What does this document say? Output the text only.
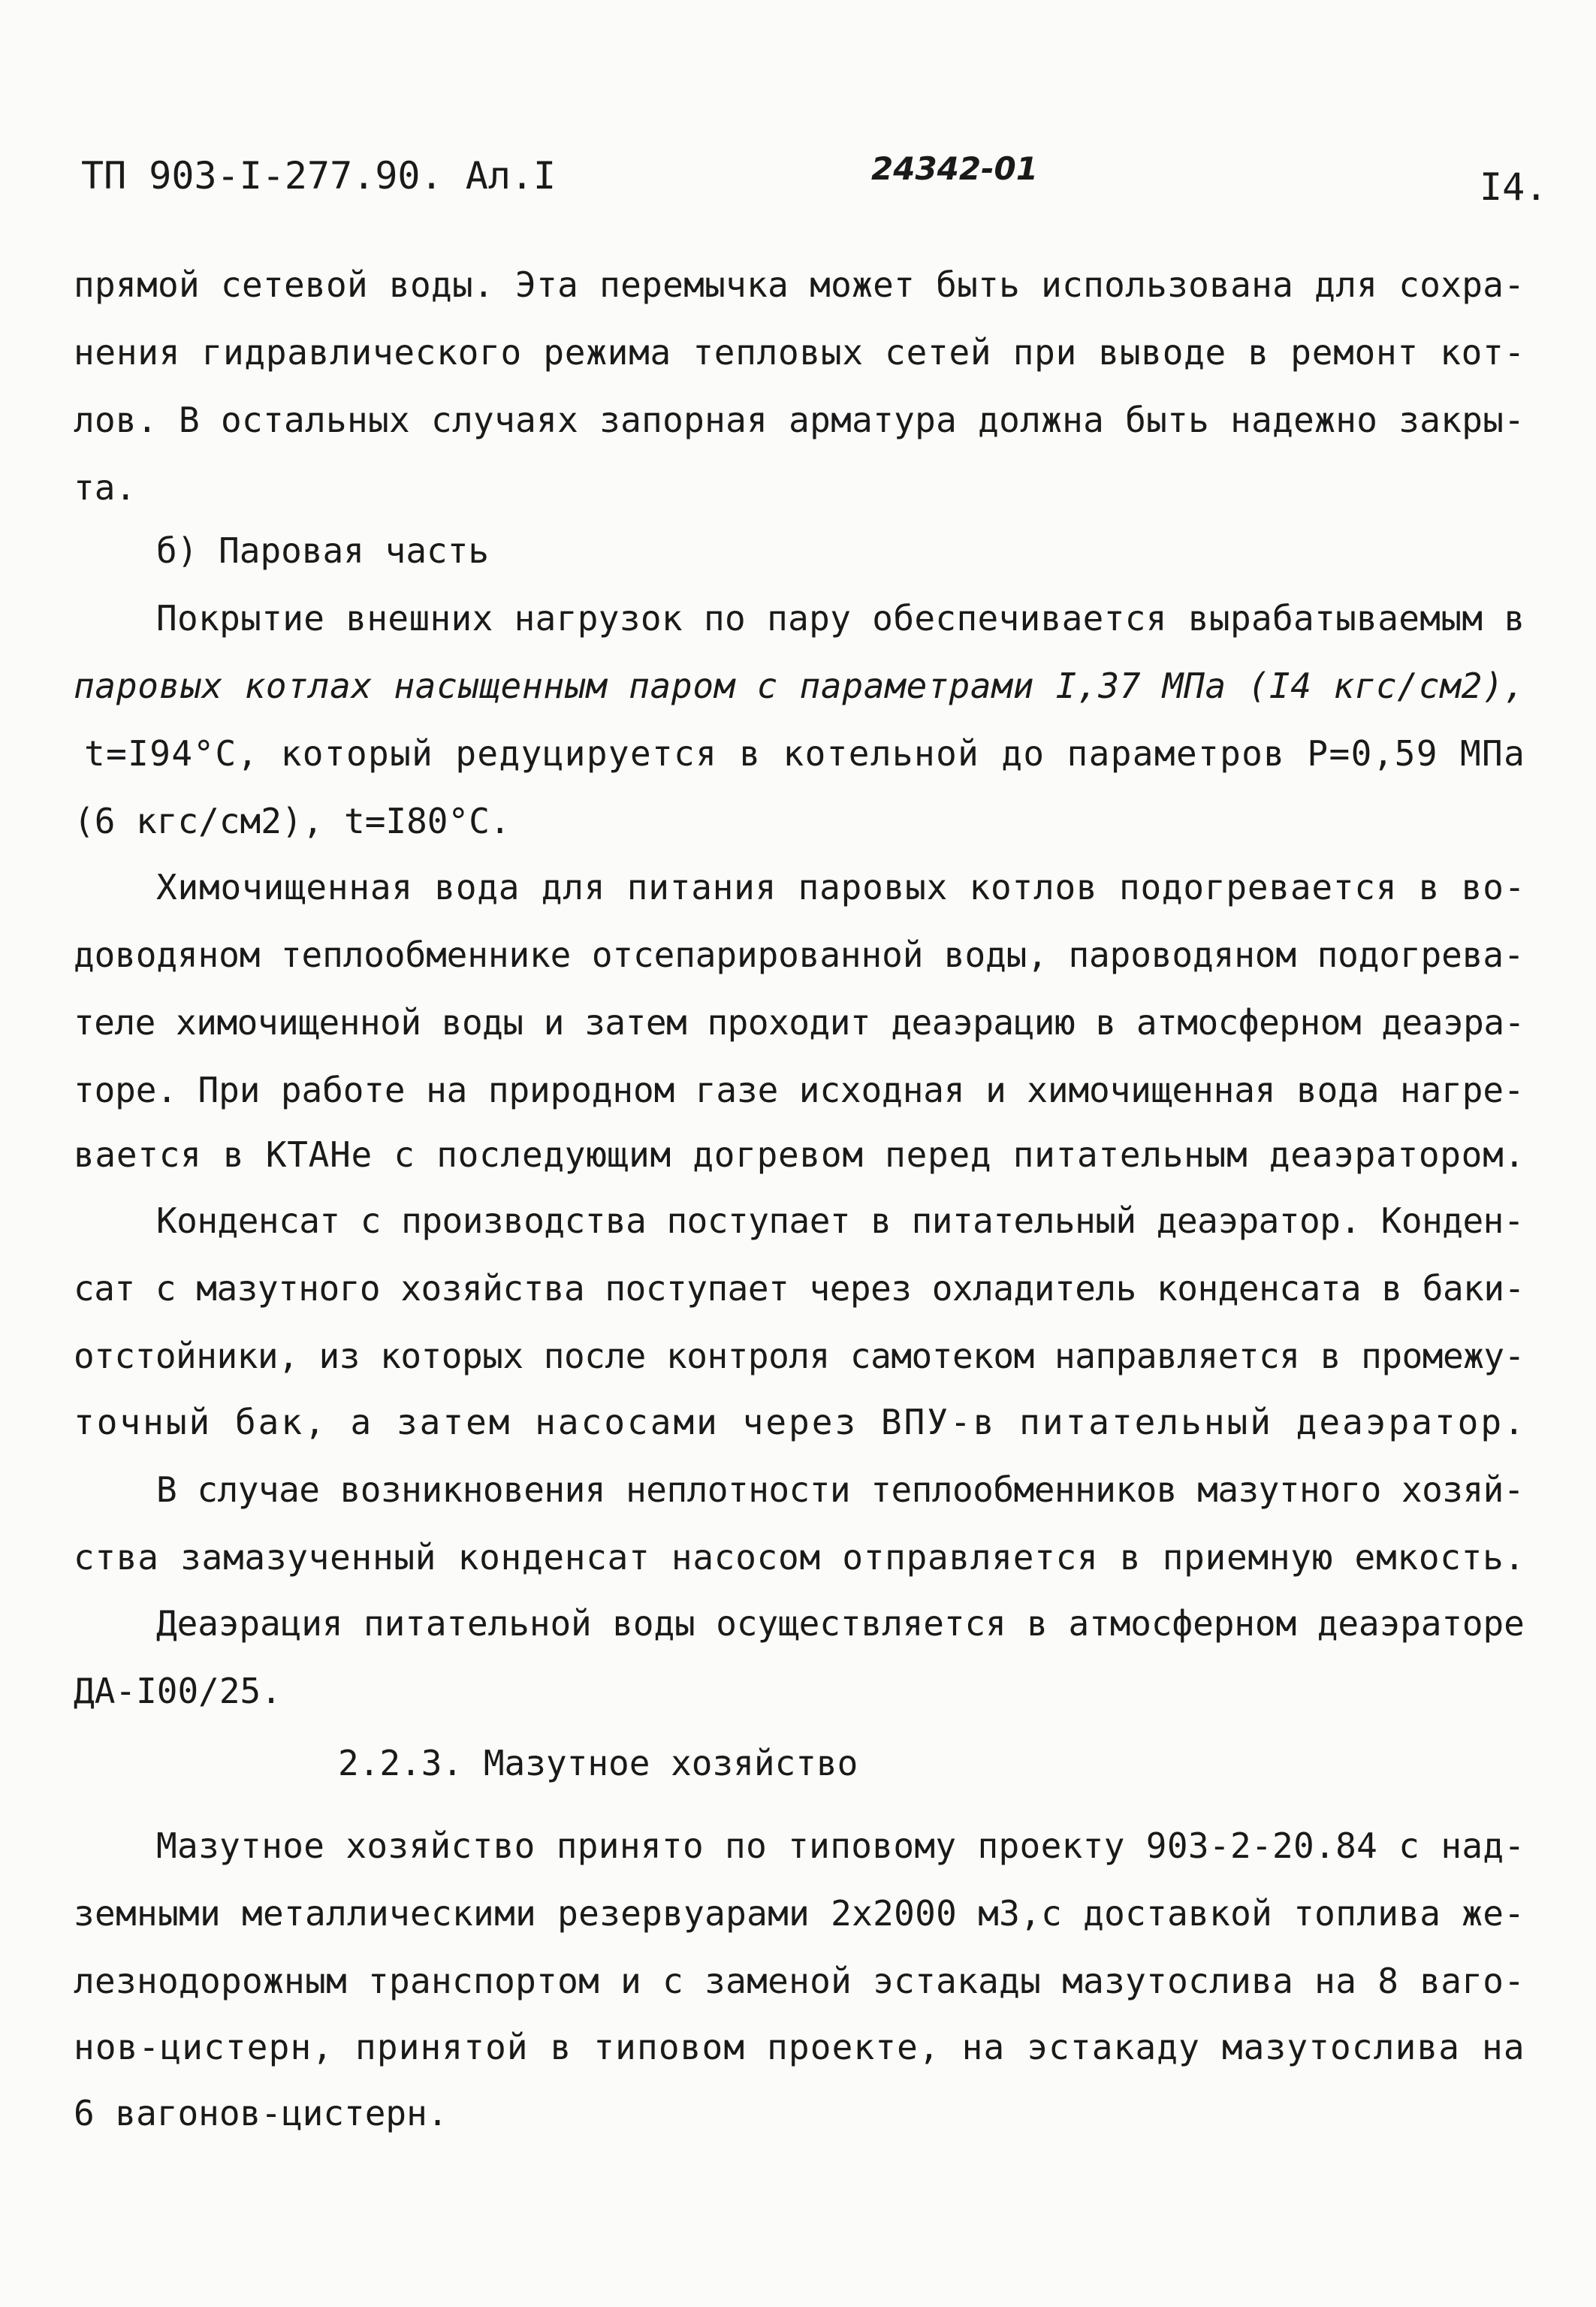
ТП 903-I-277.90. Ал.I	24342-01	I4.
прямой сетевой воды. Эта перемычка может быть использована для сохра-
нения гидравлического режима тепловых сетей при выводе в ремонт кот-
лов. В остальных случаях запорная арматура должна быть надежно закры-
та.
б) Паровая часть
Покрытие внешних нагрузок по пару обеспечивается вырабатываемым в
паровых котлах насыщенным паром с параметрами I,37 МПа (I4 кгс/см2),
t=I94°С, который редуцируется в котельной до параметров Р=0,59 МПа
(6 кгс/см2), t=I80°С.
Химочищенная вода для питания паровых котлов подогревается в во-
доводяном теплообменнике отсепарированной воды, пароводяном подогрева-
теле химочищенной воды и затем проходит деаэрацию в атмосферном деаэра-
торе. При работе на природном газе исходная и химочищенная вода нагре-
вается в КТАНе с последующим догревом перед питательным деаэратором.
Конденсат с производства поступает в питательный деаэратор. Конден-
сат с мазутного хозяйства поступает через охладитель конденсата в баки-
отстойники, из которых после контроля самотеком направляется в промежу-
точный бак, а затем насосами через ВПУ-в питательный деаэратор.
В случае возникновения неплотности теплообменников мазутного хозяй-
ства замазученный конденсат насосом отправляется в приемную емкость.
Деаэрация питательной воды осуществляется в атмосферном деаэраторе
ДА-I00/25.
2.2.3. Мазутное хозяйство
Мазутное хозяйство принято по типовому проекту 903-2-20.84 с над-
земными металлическими резервуарами 2х2000 м3,с доставкой топлива же-
лезнодорожным транспортом и с заменой эстакады мазутослива на 8 ваго-
нов-цистерн, принятой в типовом проекте, на эстакаду мазутослива на
6 вагонов-цистерн.
